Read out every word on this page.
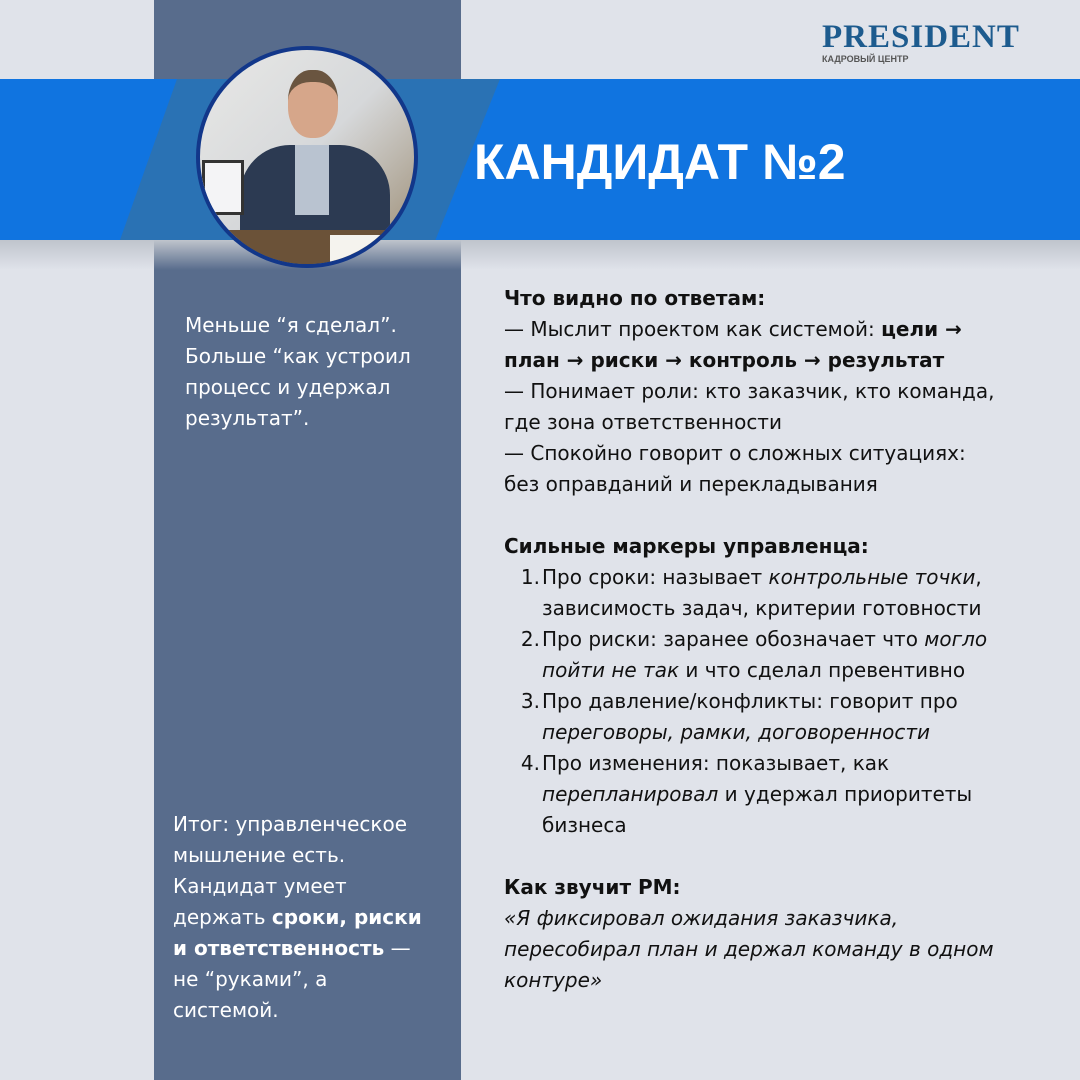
КАНДИДАТ №2
PRESIDENT
КАДРОВЫЙ ЦЕНТР
Меньше “я сделал”.
Больше “как устроил
процесс и удержал
результат”.
Итог: управленческое
мышление есть.
Кандидат умеет
держать сроки, риски
и ответственность —
не “руками”, а
системой.

Что видно по ответам:

— Мыслит проектом как системой: цели →

план → риски → контроль → результат

— Понимает роли: кто заказчик, кто команда,

где зона ответственности

— Спокойно говорит о сложных ситуациях:

без оправданий и перекладывания

Сильные маркеры управленца:

1. Про сроки: называет контрольные точки,
зависимость задач, критерии готовности
2. Про риски: заранее обозначает что могло
пойти не так и что сделал превентивно
3. Про давление/конфликты: говорит про
переговоры, рамки, договоренности
4. Про изменения: показывает, как
перепланировал и удержал приоритеты
бизнеса

Как звучит PM:

«Я фиксировал ожидания заказчика,

пересобирал план и держал команду в одном

контуре»
